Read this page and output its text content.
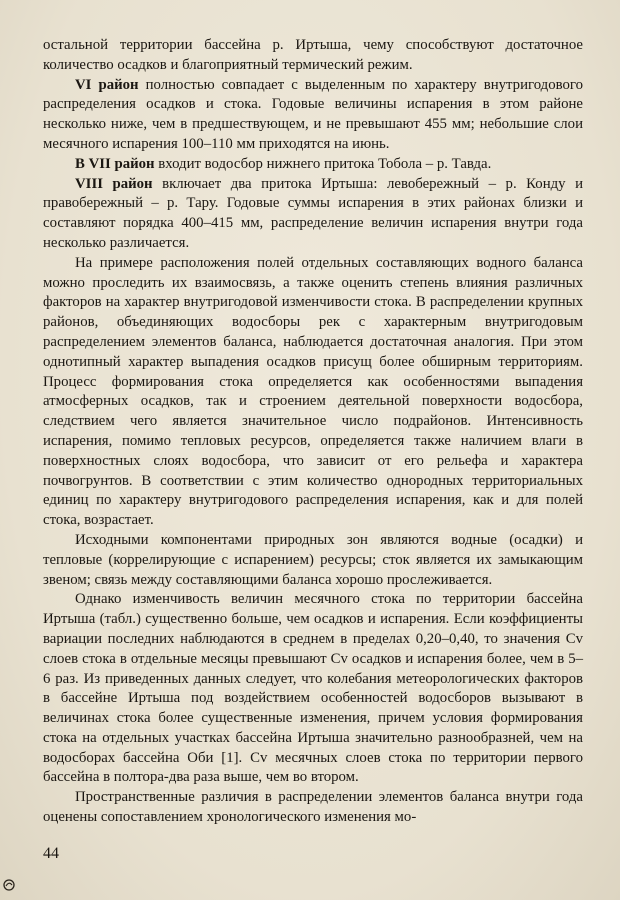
остальной территории бассейна р. Иртыша, чему способствуют достаточное количество осадков и благоприятный термический режим.

VI район полностью совпадает с выделенным по характеру внутригодового распределения осадков и стока. Годовые величины испарения в этом районе несколько ниже, чем в предшествующем, и не превышают 455 мм; небольшие слои месячного испарения 100–110 мм приходятся на июнь.

В VII район входит водосбор нижнего притока Тобола – р. Тавда.

VIII район включает два притока Иртыша: левобережный – р. Конду и правобережный – р. Тару. Годовые суммы испарения в этих районах близки и составляют порядка 400–415 мм, распределение величин испарения внутри года несколько различается.

На примере расположения полей отдельных составляющих водного баланса можно проследить их взаимосвязь, а также оценить степень влияния различных факторов на характер внутригодовой изменчивости стока. В распределении крупных районов, объединяющих водосборы рек с характерным внутригодовым распределением элементов баланса, наблюдается достаточная аналогия. При этом однотипный характер выпадения осадков присущ более обширным территориям. Процесс формирования стока определяется как особенностями выпадения атмосферных осадков, так и строением деятельной поверхности водосбора, следствием чего является значительное число подрайонов. Интенсивность испарения, помимо тепловых ресурсов, определяется также наличием влаги в поверхностных слоях водосбора, что зависит от его рельефа и характера почвогрунтов. В соответствии с этим количество однородных территориальных единиц по характеру внутригодового распределения испарения, как и для полей стока, возрастает.

Исходными компонентами природных зон являются водные (осадки) и тепловые (коррелирующие с испарением) ресурсы; сток является их замыкающим звеном; связь между составляющими баланса хорошо прослеживается.

Однако изменчивость величин месячного стока по территории бассейна Иртыша (табл.) существенно больше, чем осадков и испарения. Если коэффициенты вариации последних наблюдаются в среднем в пределах 0,20–0,40, то значения Cv слоев стока в отдельные месяцы превышают Cv осадков и испарения более, чем в 5–6 раз. Из приведенных данных следует, что колебания метеорологических факторов в бассейне Иртыша под воздействием особенностей водосборов вызывают в величинах стока более существенные изменения, причем условия формирования стока на отдельных участках бассейна Иртыша значительно разнообразней, чем на водосборах бассейна Оби [1]. Cv месячных слоев стока по территории первого бассейна в полтора-два раза выше, чем во втором.

Пространственные различия в распределении элементов баланса внутри года оценены сопоставлением хронологического изменения мо-

44
